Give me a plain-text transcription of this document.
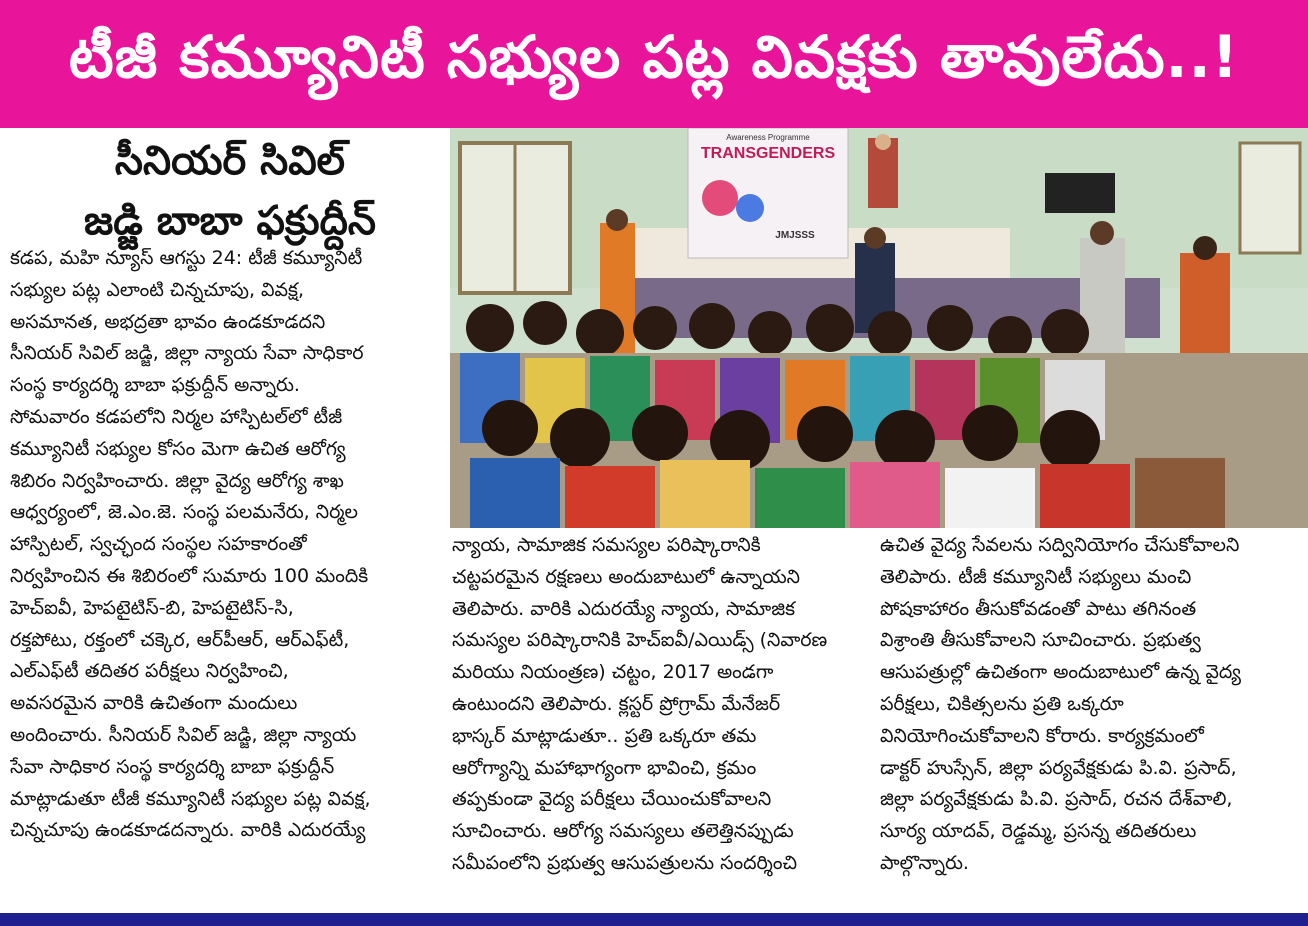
టీజీ కమ్యూనిటీ సభ్యుల పట్ల వివక్షకు తావులేదు..!
సీనియర్ సివిల్
జడ్జి బాబా ఫక్రుద్దీన్
కడప, మహి న్యూస్ ఆగస్టు 24: టీజీ కమ్యూనిటీ
సభ్యుల పట్ల ఎలాంటి చిన్నచూపు, వివక్ష,
అసమానత, అభద్రతా భావం ఉండకూడదని
సీనియర్ సివిల్ జడ్జి, జిల్లా న్యాయ సేవా సాధికార
సంస్థ కార్యదర్శి బాబా ఫక్రుద్దీన్ అన్నారు.
సోమవారం కడపలోని నిర్మల హాస్పిటల్‌లో టీజీ
కమ్యూనిటీ సభ్యుల కోసం మెగా ఉచిత ఆరోగ్య
శిబిరం నిర్వహించారు. జిల్లా వైద్య ఆరోగ్య శాఖ
ఆధ్వర్యంలో, జె.ఎం.జె. సంస్థ పలమనేరు, నిర్మల
హాస్పిటల్, స్వచ్ఛంద సంస్థల సహకారంతో
నిర్వహించిన ఈ శిబిరంలో సుమారు 100 మందికి
హెచ్ఐవీ, హెపటైటిస్-బి, హెపటైటిస్-సి,
రక్తపోటు, రక్తంలో చక్కెర, ఆర్‌పీఆర్, ఆర్ఎఫ్‌టీ,
ఎల్ఎఫ్‌టీ తదితర పరీక్షలు నిర్వహించి,
అవసరమైన వారికి ఉచితంగా మందులు
అందించారు. సీనియర్ సివిల్ జడ్జి, జిల్లా న్యాయ
సేవా సాధికార సంస్థ కార్యదర్శి బాబా ఫక్రుద్దీన్
మాట్లాడుతూ టీజీ కమ్యూనిటీ సభ్యుల పట్ల వివక్ష,
చిన్నచూపు ఉండకూడదన్నారు. వారికి ఎదురయ్యే
Awareness Programme
TRANSGENDERS
JMJSSS
న్యాయ, సామాజిక సమస్యల పరిష్కారానికి
చట్టపరమైన రక్షణలు అందుబాటులో ఉన్నాయని
తెలిపారు. వారికి ఎదురయ్యే న్యాయ, సామాజిక
సమస్యల పరిష్కారానికి హెచ్ఐవీ/ఎయిడ్స్ (నివారణ
మరియు నియంత్రణ) చట్టం, 2017 అండగా
ఉంటుందని తెలిపారు. క్లస్టర్ ప్రోగ్రామ్ మేనేజర్
భాస్కర్ మాట్లాడుతూ.. ప్రతి ఒక్కరూ తమ
ఆరోగ్యాన్ని మహాభాగ్యంగా భావించి, క్రమం
తప్పకుండా వైద్య పరీక్షలు చేయించుకోవాలని
సూచించారు. ఆరోగ్య సమస్యలు తలెత్తినప్పుడు
సమీపంలోని ప్రభుత్వ ఆసుపత్రులను సందర్శించి
ఉచిత వైద్య సేవలను సద్వినియోగం చేసుకోవాలని
తెలిపారు. టీజీ కమ్యూనిటీ సభ్యులు మంచి
పోషకాహారం తీసుకోవడంతో పాటు తగినంత
విశ్రాంతి తీసుకోవాలని సూచించారు. ప్రభుత్వ
ఆసుపత్రుల్లో ఉచితంగా అందుబాటులో ఉన్న వైద్య
పరీక్షలు, చికిత్సలను ప్రతి ఒక్కరూ
వినియోగించుకోవాలని కోరారు. కార్యక్రమంలో
డాక్టర్ హుస్సేన్, జిల్లా పర్యవేక్షకుడు పి.వి. ప్రసాద్,
జిల్లా పర్యవేక్షకుడు పి.వి. ప్రసాద్, రచన దేశ్‌వాలి,
సూర్య యాదవ్, రెడ్డమ్మ, ప్రసన్న తదితరులు
పాల్గొన్నారు.
